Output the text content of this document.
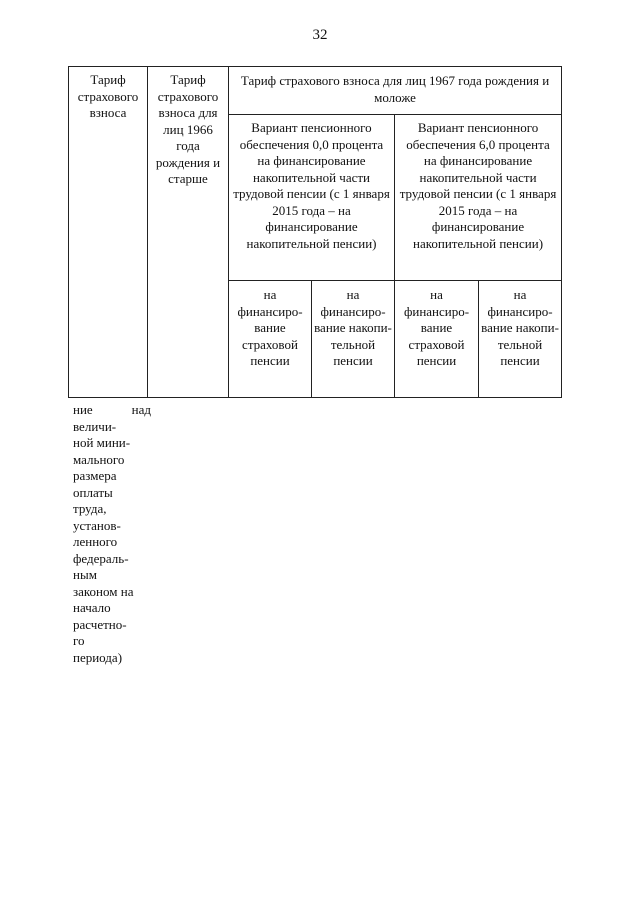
32
Тариф страхового взноса	Тариф страхового взноса для лиц 1966 года рождения и старше	Тариф страхового взноса для лиц 1967 года рождения и моложе			
		Вариант пенсионного обеспечения 0,0 процента на финансирование накопительной части трудовой пенсии (с 1 января 2015 года – на финансирование накопительной пенсии)		Вариант пенсионного обеспечения 6,0 процента на финансирование накопительной части трудовой пенсии (с 1 января 2015 года – на финансирование накопительной пенсии)	
		на финансиро-вание страховой пенсии	на финансиро-вание накопи-тельной пенсии	на финансиро-вание страховой пенсии	на финансиро-вание накопи-тельной пенсии
ние	над
величи-
ной мини-
мального
размера
оплаты
труда,
установ-
ленного
федераль-
ным
законом на
начало
расчетно-
го
периода)
